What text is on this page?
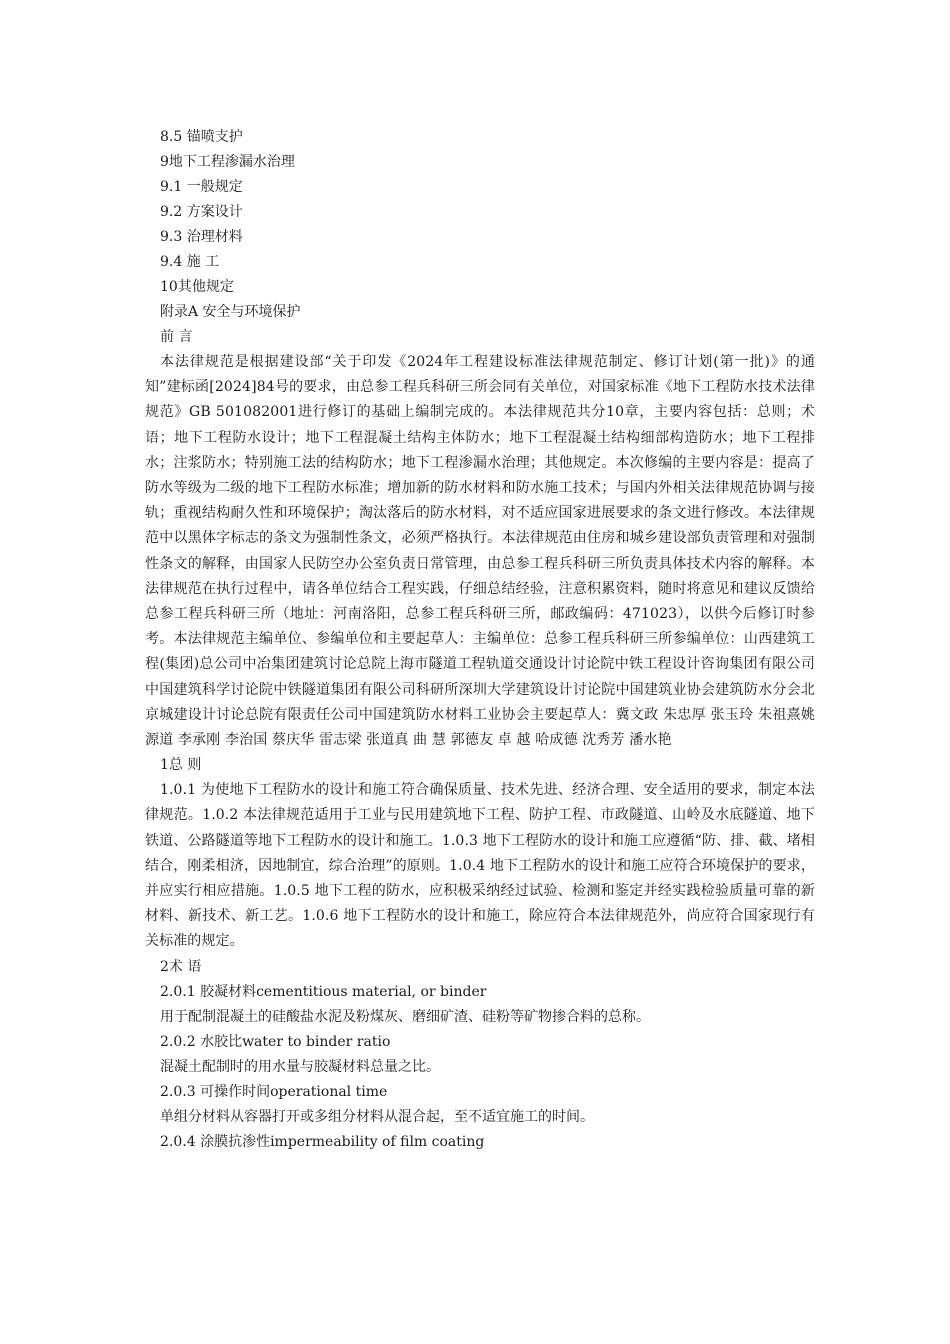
8.5 锚喷支护
9地下工程渗漏水治理
9.1 一般规定
9.2 方案设计
9.3 治理材料
9.4 施 工
10其他规定
附录A 安全与环境保护
前 言

本法律规范是根据建设部“关于印发《2024年工程建设标准法律规范制定、修订计划(第一批)》的通知”建标函[2024]84号的要求，由总参工程兵科研三所会同有关单位，对国家标准《地下工程防水技术法律规范》GB 501082001进行修订的基础上编制完成的。本法律规范共分10章，主要内容包括：总则；术语；地下工程防水设计；地下工程混凝土结构主体防水；地下工程混凝土结构细部构造防水；地下工程排水；注浆防水；特别施工法的结构防水；地下工程渗漏水治理；其他规定。本次修编的主要内容是：提高了防水等级为二级的地下工程防水标准；增加新的防水材料和防水施工技术；与国内外相关法律规范协调与接轨；重视结构耐久性和环境保护；淘汰落后的防水材料，对不适应国家进展要求的条文进行修改。本法律规范中以黑体字标志的条文为强制性条文，必须严格执行。本法律规范由住房和城乡建设部负责管理和对强制性条文的解释，由国家人民防空办公室负责日常管理，由总参工程兵科研三所负责具体技术内容的解释。本法律规范在执行过程中，请各单位结合工程实践，仔细总结经验，注意积累资料，随时将意见和建议反馈给总参工程兵科研三所（地址：河南洛阳，总参工程兵科研三所，邮政编码：471023），以供今后修订时参考。本法律规范主编单位、参编单位和主要起草人：主编单位：总参工程兵科研三所参编单位：山西建筑工程(集团)总公司中冶集团建筑讨论总院上海市隧道工程轨道交通设计讨论院中铁工程设计咨询集团有限公司中国建筑科学讨论院中铁隧道集团有限公司科研所深圳大学建筑设计讨论院中国建筑业协会建筑防水分会北京城建设计讨论总院有限责任公司中国建筑防水材料工业协会主要起草人：冀文政 朱忠厚 张玉玲 朱祖熹姚源道 李承刚 李治国 蔡庆华 雷志梁 张道真 曲 慧 郭德友 卓 越 哈成德 沈秀芳 潘水艳

1总 则

1.0.1 为使地下工程防水的设计和施工符合确保质量、技术先进、经济合理、安全适用的要求，制定本法律规范。1.0.2 本法律规范适用于工业与民用建筑地下工程、防护工程、市政隧道、山岭及水底隧道、地下铁道、公路隧道等地下工程防水的设计和施工。1.0.3 地下工程防水的设计和施工应遵循“防、排、截、堵相结合，刚柔相济，因地制宜，综合治理”的原则。1.0.4 地下工程防水的设计和施工应符合环境保护的要求，并应实行相应措施。1.0.5 地下工程的防水，应积极采纳经过试验、检测和鉴定并经实践检验质量可靠的新材料、新技术、新工艺。1.0.6 地下工程防水的设计和施工，除应符合本法律规范外，尚应符合国家现行有关标准的规定。

2术 语
2.0.1 胶凝材料cementitious material, or binder
用于配制混凝土的硅酸盐水泥及粉煤灰、磨细矿渣、硅粉等矿物掺合料的总称。
2.0.2 水胶比water to binder ratio
混凝土配制时的用水量与胶凝材料总量之比。
2.0.3 可操作时间operational time
单组分材料从容器打开或多组分材料从混合起，至不适宜施工的时间。
2.0.4 涂膜抗渗性impermeability of film coating
